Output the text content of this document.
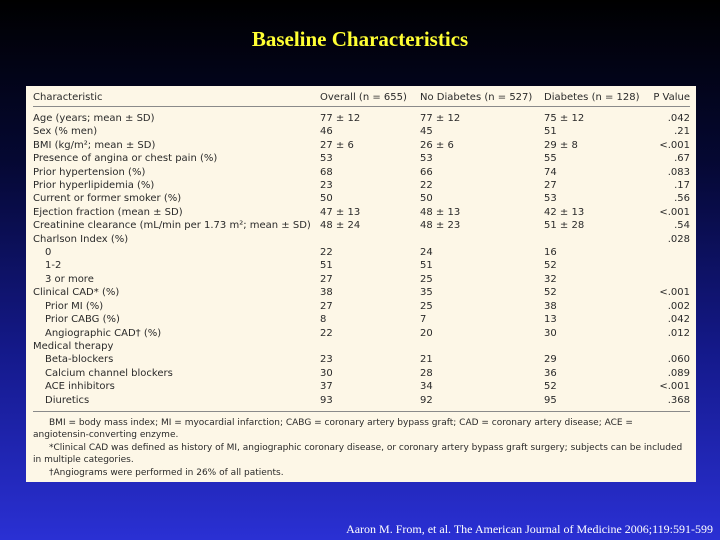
Baseline Characteristics
Characteristic	Overall (n = 655)	No Diabetes (n = 527)	Diabetes (n = 128)	P Value

Age (years; mean ± SD)	77 ± 12	77 ± 12	75 ± 12	.042
Sex (% men)	46	45	51	.21
BMI (kg/m²; mean ± SD)	27 ± 6	26 ± 6	29 ± 8	<.001
Presence of angina or chest pain (%)	53	53	55	.67
Prior hypertension (%)	68	66	74	.083
Prior hyperlipidemia (%)	23	22	27	.17
Current or former smoker (%)	50	50	53	.56
Ejection fraction (mean ± SD)	47 ± 13	48 ± 13	42 ± 13	<.001
Creatinine clearance (mL/min per 1.73 m²; mean ± SD)	48 ± 24	48 ± 23	51 ± 28	.54
Charlson Index (%)				.028
0	22	24	16	
1-2	51	51	52	
3 or more	27	25	32	
Clinical CAD* (%)	38	35	52	<.001
Prior MI (%)	27	25	38	.002
Prior CABG (%)	8	7	13	.042
Angiographic CAD† (%)	22	20	30	.012
Medical therapy				
Beta-blockers	23	21	29	.060
Calcium channel blockers	30	28	36	.089
ACE inhibitors	37	34	52	<.001
Diuretics	93	92	95	.368

BMI = body mass index; MI = myocardial infarction; CABG = coronary artery bypass graft; CAD = coronary artery disease; ACE = angiotensin-converting enzyme.

*Clinical CAD was defined as history of MI, angiographic coronary disease, or coronary artery bypass graft surgery; subjects can be included in multiple categories.

†Angiograms were performed in 26% of all patients.

Aaron M. From, et al. The American Journal of Medicine 2006;119:591-599
